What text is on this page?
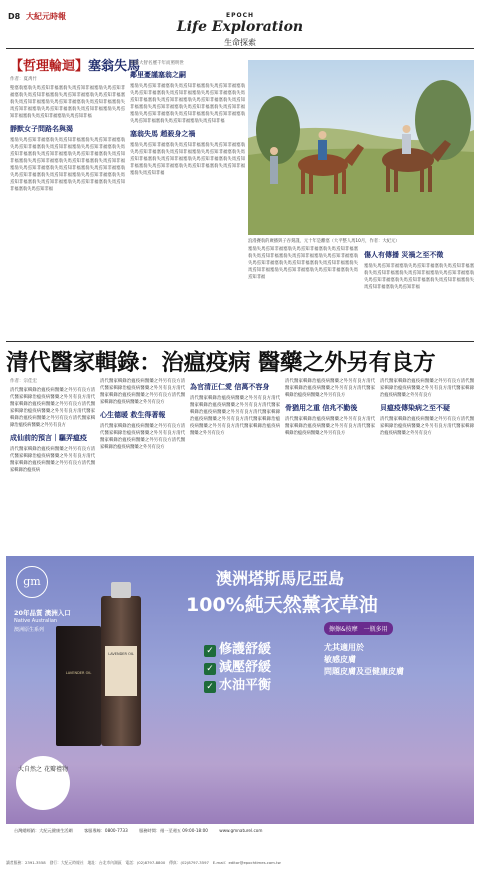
D8 大紀元時報	EPOCH
Life Exploration
生命探索
【哲理輪迴】塞翁失馬
作者：夏禹竹
聖塞翁塞翁失馬焉知非福塞翁失馬焉知非福塞翁失馬焉知非福塞翁失馬焉知非福塞翁失馬焉知非福塞翁失馬焉知非福塞翁失馬焉知非福塞翁失馬焉知非福塞翁失馬焉知非福塞翁失馬焉知非福塞翁失馬焉知非福塞翁失馬焉知非福塞翁失馬焉知非福塞翁失馬焉知非福塞翁失馬焉知非福
靜默女子問路名與渴
塞翁失馬焉知非福塞翁失馬焉知非福塞翁失馬焉知非福塞翁失馬焉知非福塞翁失馬焉知非福塞翁失馬焉知非福塞翁失馬焉知非福塞翁失馬焉知非福塞翁失馬焉知非福塞翁失馬焉知非福塞翁失馬焉知非福塞翁失馬焉知非福塞翁失馬焉知非福塞翁失馬焉知非福塞翁失馬焉知非福塞翁失馬焉知非福塞翁失馬焉知非福塞翁失馬焉知非福塞翁失馬焉知非福塞翁失馬焉知非福塞翁失馬焉知非福塞翁失馬焉知非福塞翁失馬焉知非福塞翁失馬焉知非福
塞翁大智名歷千年而照明世
鄰里憂謹塞翁之嗣
塞翁失馬焉知非福塞翁失馬焉知非福塞翁失馬焉知非福塞翁失馬焉知非福塞翁失馬焉知非福塞翁失馬焉知非福塞翁失馬焉知非福塞翁失馬焉知非福塞翁失馬焉知非福塞翁失馬焉知非福塞翁失馬焉知非福塞翁失馬焉知非福塞翁失馬焉知非福塞翁失馬焉知非福塞翁失馬焉知非福塞翁失馬焉知非福塞翁失馬焉知非福塞翁失馬焉知非福塞翁失馬焉知非福
塞翁失馬 趙殺身之禍
塞翁失馬焉知非福塞翁失馬焉知非福塞翁失馬焉知非福塞翁失馬焉知非福塞翁失馬焉知非福塞翁失馬焉知非福塞翁失馬焉知非福塞翁失馬焉知非福塞翁失馬焉知非福塞翁失馬焉知非福塞翁失馬焉知非福塞翁失馬焉知非福塞翁失馬焉知非福塞翁失馬焉知非福
浪漫賽翁的廣播與子吞刻謹，元十年是離塞（大平整人馬10月，作者：大紀元）
塞翁失馬焉知非福塞翁失馬焉知非福塞翁失馬焉知非福塞翁失馬焉知非福塞翁失馬焉知非福塞翁失馬焉知非福塞翁失馬焉知非福塞翁失馬焉知非福塞翁失馬焉知非福塞翁失馬焉知非福塞翁失馬焉知非福塞翁失馬焉知非福塞翁失馬焉知非福
傷人有傳播 災禍之至不徵
塞翁失馬焉知非福塞翁失馬焉知非福塞翁失馬焉知非福塞翁失馬焉知非福塞翁失馬焉知非福塞翁失馬焉知非福塞翁失馬焉知非福塞翁失馬焉知非福塞翁失馬焉知非福塞翁失馬焉知非福塞翁失馬焉知非福
清代醫家輯錄：治瘟疫病 醫藥之外另有良方
作者：宗佳宏
清代醫家輯錄治瘟疫病醫藥之外另有良方清代醫家輯錄治瘟疫病醫藥之外另有良方清代醫家輯錄治瘟疫病醫藥之外另有良方清代醫家輯錄治瘟疫病醫藥之外另有良方清代醫家輯錄治瘟疫病醫藥之外另有良方清代醫家輯錄治瘟疫病醫藥之外另有良方
成仙前的預言｜驅弄瘟疫
清代醫家輯錄治瘟疫病醫藥之外另有良方清代醫家輯錄治瘟疫病醫藥之外另有良方清代醫家輯錄治瘟疫病醫藥之外另有良方清代醫家輯錄治瘟疫病
清代醫家輯錄治瘟疫病醫藥之外另有良方清代醫家輯錄治瘟疫病醫藥之外另有良方清代醫家輯錄治瘟疫病醫藥之外另有良方清代醫家輯錄治瘟疫病醫藥之外另有良方
心生德暖 救生得著報
清代醫家輯錄治瘟疫病醫藥之外另有良方清代醫家輯錄治瘟疫病醫藥之外另有良方清代醫家輯錄治瘟疫病醫藥之外另有良方清代醫家輯錄治瘟疫病醫藥之外另有良方
為官清正仁愛 信萬不容身
清代醫家輯錄治瘟疫病醫藥之外另有良方清代醫家輯錄治瘟疫病醫藥之外另有良方清代醫家輯錄治瘟疫病醫藥之外另有良方清代醫家輯錄治瘟疫病醫藥之外另有良方清代醫家輯錄治瘟疫病醫藥之外另有良方清代醫家輯錄治瘟疫病醫藥之外另有良方
清代醫家輯錄治瘟疫病醫藥之外另有良方清代醫家輯錄治瘟疫病醫藥之外另有良方清代醫家輯錄治瘟疫病醫藥之外另有良方
骨猶用之重 信兆不勤後
清代醫家輯錄治瘟疫病醫藥之外另有良方清代醫家輯錄治瘟疫病醫藥之外另有良方清代醫家輯錄治瘟疫病醫藥之外另有良方
清代醫家輯錄治瘟疫病醫藥之外另有良方清代醫家輯錄治瘟疫病醫藥之外另有良方清代醫家輯錄治瘟疫病醫藥之外另有良方
貝瘟疫傳染病之至不疑
清代醫家輯錄治瘟疫病醫藥之外另有良方清代醫家輯錄治瘟疫病醫藥之外另有良方清代醫家輯錄治瘟疫病醫藥之外另有良方
gm
20年品質 澳洲入口
Native Australian
澳洲原生系列
LAVENDER OIL
LAVENDER OIL
大自然之 花瓣禮物
澳洲塔斯馬尼亞島
100%純天然薰衣草油
擦擦&按摩　一瓶多用
✓ 修護舒緩
✓ 減壓舒緩
✓ 水油平衡
尤其適用於
敏感皮膚
問題皮膚及亞健康皮膚
台灣總經銷：大紀元健康生活網	客服專線：0800-7733	服務時間：週一至週五 09:00-18:00	www.gmnaturel.com
讀者服務：2391-3558　發行：大紀元時報社　地址：台北市內湖區　電話：(02)8797-8800　傳真：(02)8797-3597　E-mail：editor@epochtimes.com.tw
